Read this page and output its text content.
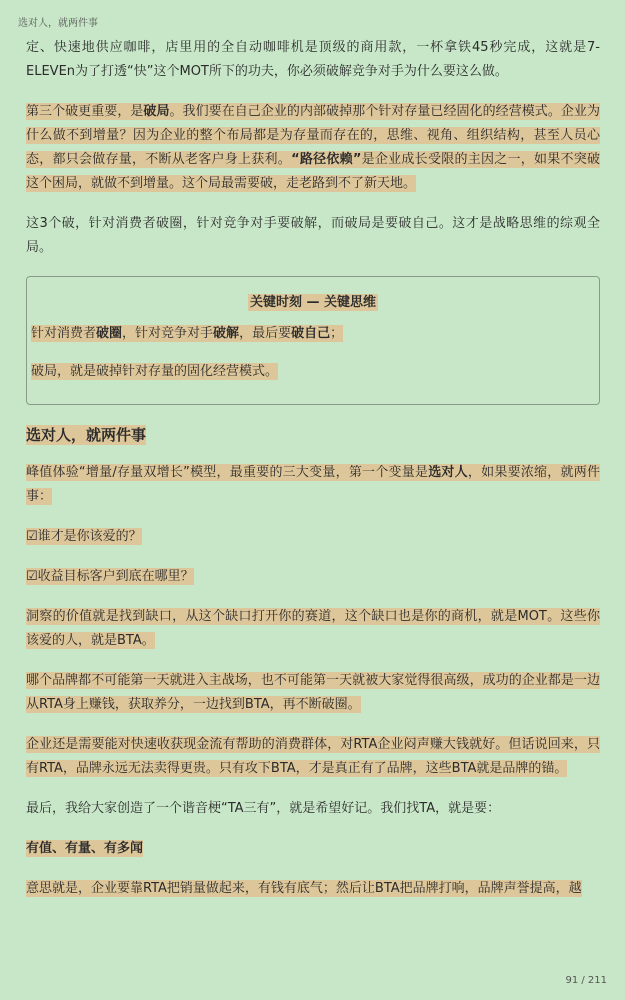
选对人，就两件事

定、快速地供应咖啡，店里用的全自动咖啡机是顶级的商用款，一杯拿铁45秒完成，这就是7-ELEVEn为了打透“快”这个MOT所下的功夫，你必须破解竞争对手为什么要这么做。

第三个破更重要，是破局。我们要在自己企业的内部破掉那个针对存量已经固化的经营模式。企业为什么做不到增量？因为企业的整个布局都是为存量而存在的，思维、视角、组织结构，甚至人员心态，都只会做存量，不断从老客户身上获利。“路径依赖”是企业成长受限的主因之一，如果不突破这个困局，就做不到增量。这个局最需要破，走老路到不了新天地。

这3个破，针对消费者破圈，针对竞争对手要破解，而破局是要破自己。这才是战略思维的综观全局。

关键时刻 — 关键思维

针对消费者破圈，针对竞争对手破解，最后要破自己；

破局，就是破掉针对存量的固化经营模式。

选对人，就两件事

峰值体验“增量/存量双增长”模型，最重要的三大变量，第一个变量是选对人，如果要浓缩，就两件事：

☑谁才是你该爱的？

☑收益目标客户到底在哪里？

洞察的价值就是找到缺口，从这个缺口打开你的赛道，这个缺口也是你的商机，就是MOT。这些你该爱的人，就是BTA。

哪个品牌都不可能第一天就进入主战场，也不可能第一天就被大家觉得很高级，成功的企业都是一边从RTA身上赚钱，获取养分，一边找到BTA，再不断破圈。

企业还是需要能对快速收获现金流有帮助的消费群体，对RTA企业闷声赚大钱就好。但话说回来，只有RTA，品牌永远无法卖得更贵。只有攻下BTA，才是真正有了品牌，这些BTA就是品牌的锚。

最后，我给大家创造了一个谐音梗“TA三有”，就是希望好记。我们找TA，就是要：

有值、有量、有多闻

意思就是，企业要靠RTA把销量做起来，有钱有底气；然后让BTA把品牌打响，品牌声誉提高，越

91 / 211
